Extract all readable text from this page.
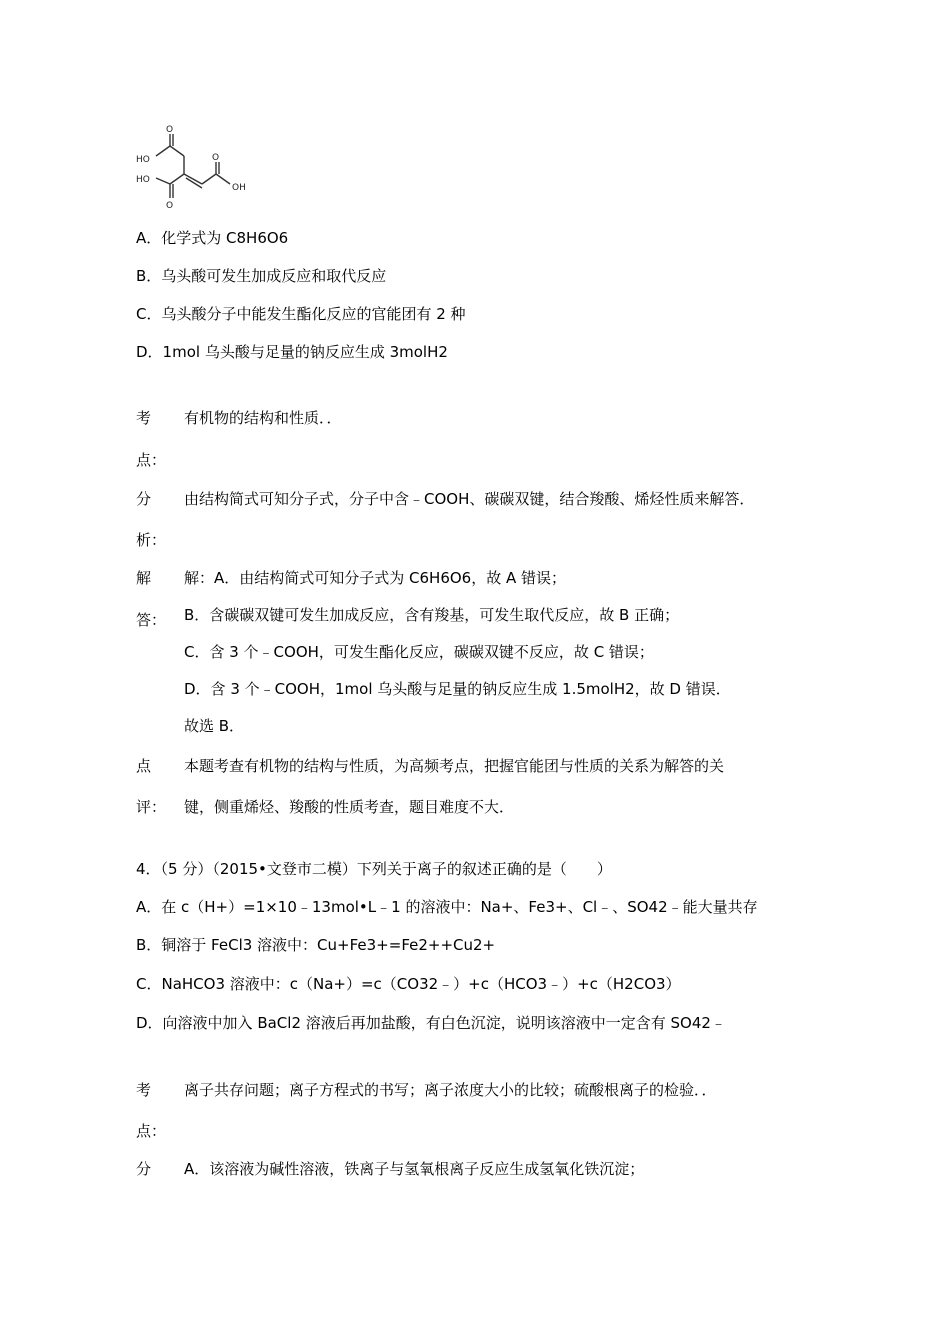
O
HO	O
OH
HO
O
A．化学式为 C8H6O6
B．乌头酸可发生加成反应和取代反应
C．乌头酸分子中能发生酯化反应的官能团有 2 种
D．1mol 乌头酸与足量的钠反应生成 3molH2
考
点：
有机物的结构和性质．．
分
析：
由结构简式可知分子式，分子中含﹣COOH、碳碳双键，结合羧酸、烯烃性质来解答．
解
答：
解：A．由结构简式可知分子式为 C6H6O6，故 A 错误；
B．含碳碳双键可发生加成反应，含有羧基，可发生取代反应，故 B 正确；
C．含 3 个﹣COOH，可发生酯化反应，碳碳双键不反应，故 C 错误；
D．含 3 个﹣COOH，1mol 乌头酸与足量的钠反应生成 1.5molH2，故 D 错误．
故选 B．
点
评：
本题考查有机物的结构与性质，为高频考点，把握官能团与性质的关系为解答的关
键，侧重烯烃、羧酸的性质考查，题目难度不大．
4．（5 分）（2015•文登市二模）下列关于离子的叙述正确的是（　　）
A．在 c（H+）=1×10﹣13mol•L﹣1 的溶液中：Na+、Fe3+、Cl﹣、SO42﹣能大量共存
B．铜溶于 FeCl3 溶液中：Cu+Fe3+=Fe2++Cu2+
C．NaHCO3 溶液中：c（Na+）=c（CO32﹣）+c（HCO3﹣）+c（H2CO3）
D．向溶液中加入 BaCl2 溶液后再加盐酸，有白色沉淀，说明该溶液中一定含有 SO42﹣
考
点：
离子共存问题；离子方程式的书写；离子浓度大小的比较；硫酸根离子的检验．．
分 A．该溶液为碱性溶液，铁离子与氢氧根离子反应生成氢氧化铁沉淀；
